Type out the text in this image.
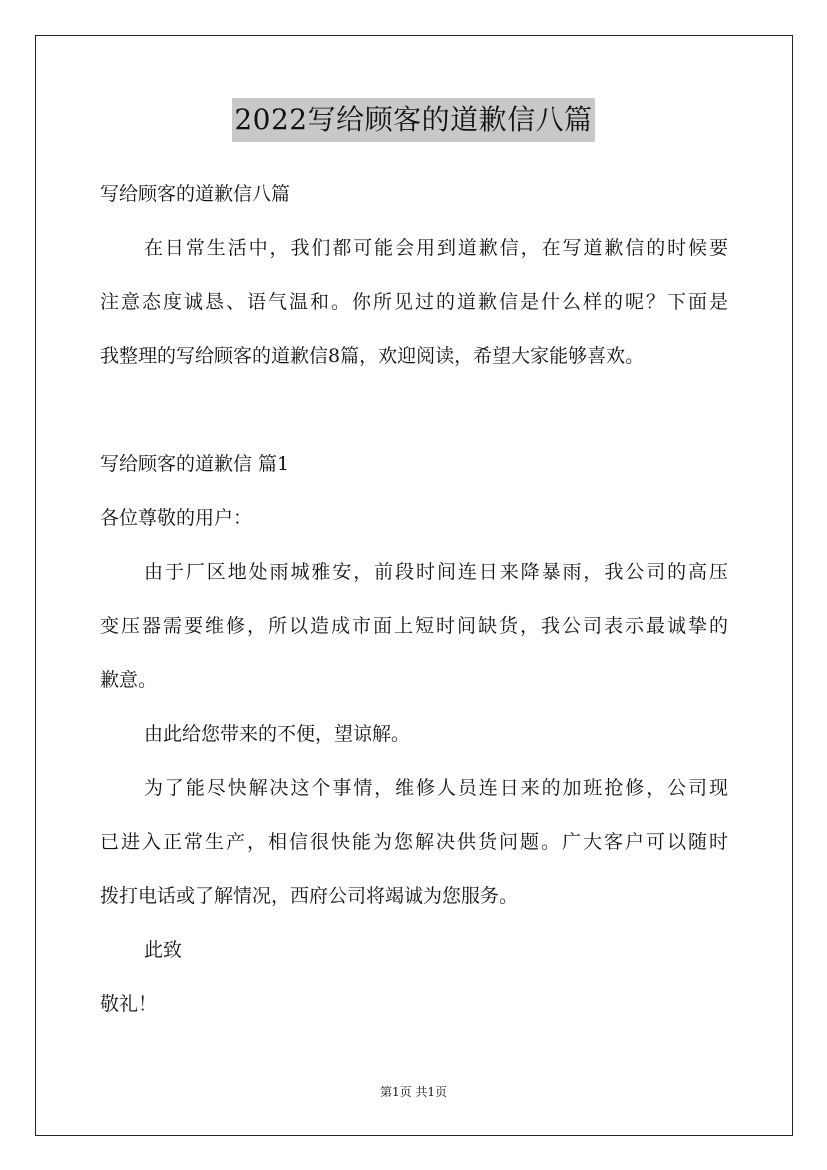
2022写给顾客的道歉信八篇
写给顾客的道歉信八篇
在日常生活中，我们都可能会用到道歉信，在写道歉信的时候要
注意态度诚恳、语气温和。你所见过的道歉信是什么样的呢？下面是
我整理的写给顾客的道歉信8篇，欢迎阅读，希望大家能够喜欢。
写给顾客的道歉信 篇1
各位尊敬的用户：
由于厂区地处雨城雅安，前段时间连日来降暴雨，我公司的高压
变压器需要维修，所以造成市面上短时间缺货，我公司表示最诚挚的
歉意。
由此给您带来的不便，望谅解。
为了能尽快解决这个事情，维修人员连日来的加班抢修，公司现
已进入正常生产，相信很快能为您解决供货问题。广大客户可以随时
拨打电话或了解情况，西府公司将竭诚为您服务。
此致
敬礼！
第1页 共1页
